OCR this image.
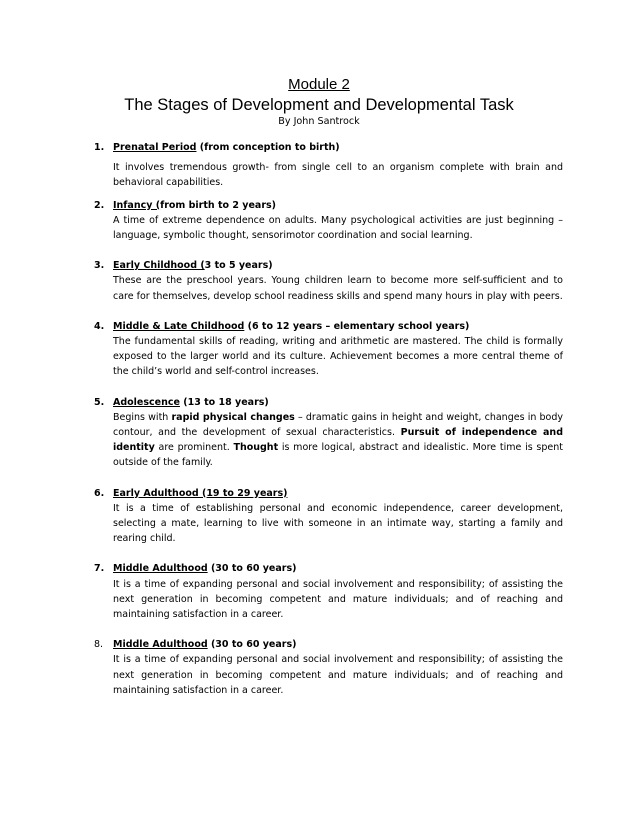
Module 2
The Stages of Development and Developmental Task
By John Santrock
1. Prenatal Period (from conception to birth)
It involves tremendous growth- from single cell to an organism complete with brain and behavioral capabilities.
2. Infancy (from birth to 2 years)
A time of extreme dependence on adults. Many psychological activities are just beginning – language, symbolic thought, sensorimotor coordination and social learning.
3. Early Childhood (3 to 5 years)
These are the preschool years. Young children learn to become more self-sufficient and to care for themselves, develop school readiness skills and spend many hours in play with peers.
4. Middle & Late Childhood (6 to 12 years – elementary school years)
The fundamental skills of reading, writing and arithmetic are mastered. The child is formally exposed to the larger world and its culture. Achievement becomes a more central theme of the child’s world and self-control increases.
5. Adolescence (13 to 18 years)
Begins with rapid physical changes – dramatic gains in height and weight, changes in body contour, and the development of sexual characteristics. Pursuit of independence and identity are prominent. Thought is more logical, abstract and idealistic. More time is spent outside of the family.
6. Early Adulthood (19 to 29 years)
It is a time of establishing personal and economic independence, career development, selecting a mate, learning to live with someone in an intimate way, starting a family and rearing child.
7. Middle Adulthood (30 to 60 years)
It is a time of expanding personal and social involvement and responsibility; of assisting the next generation in becoming competent and mature individuals; and of reaching and maintaining satisfaction in a career.
8. Middle Adulthood (30 to 60 years)
It is a time of expanding personal and social involvement and responsibility; of assisting the next generation in becoming competent and mature individuals; and of reaching and maintaining satisfaction in a career.
